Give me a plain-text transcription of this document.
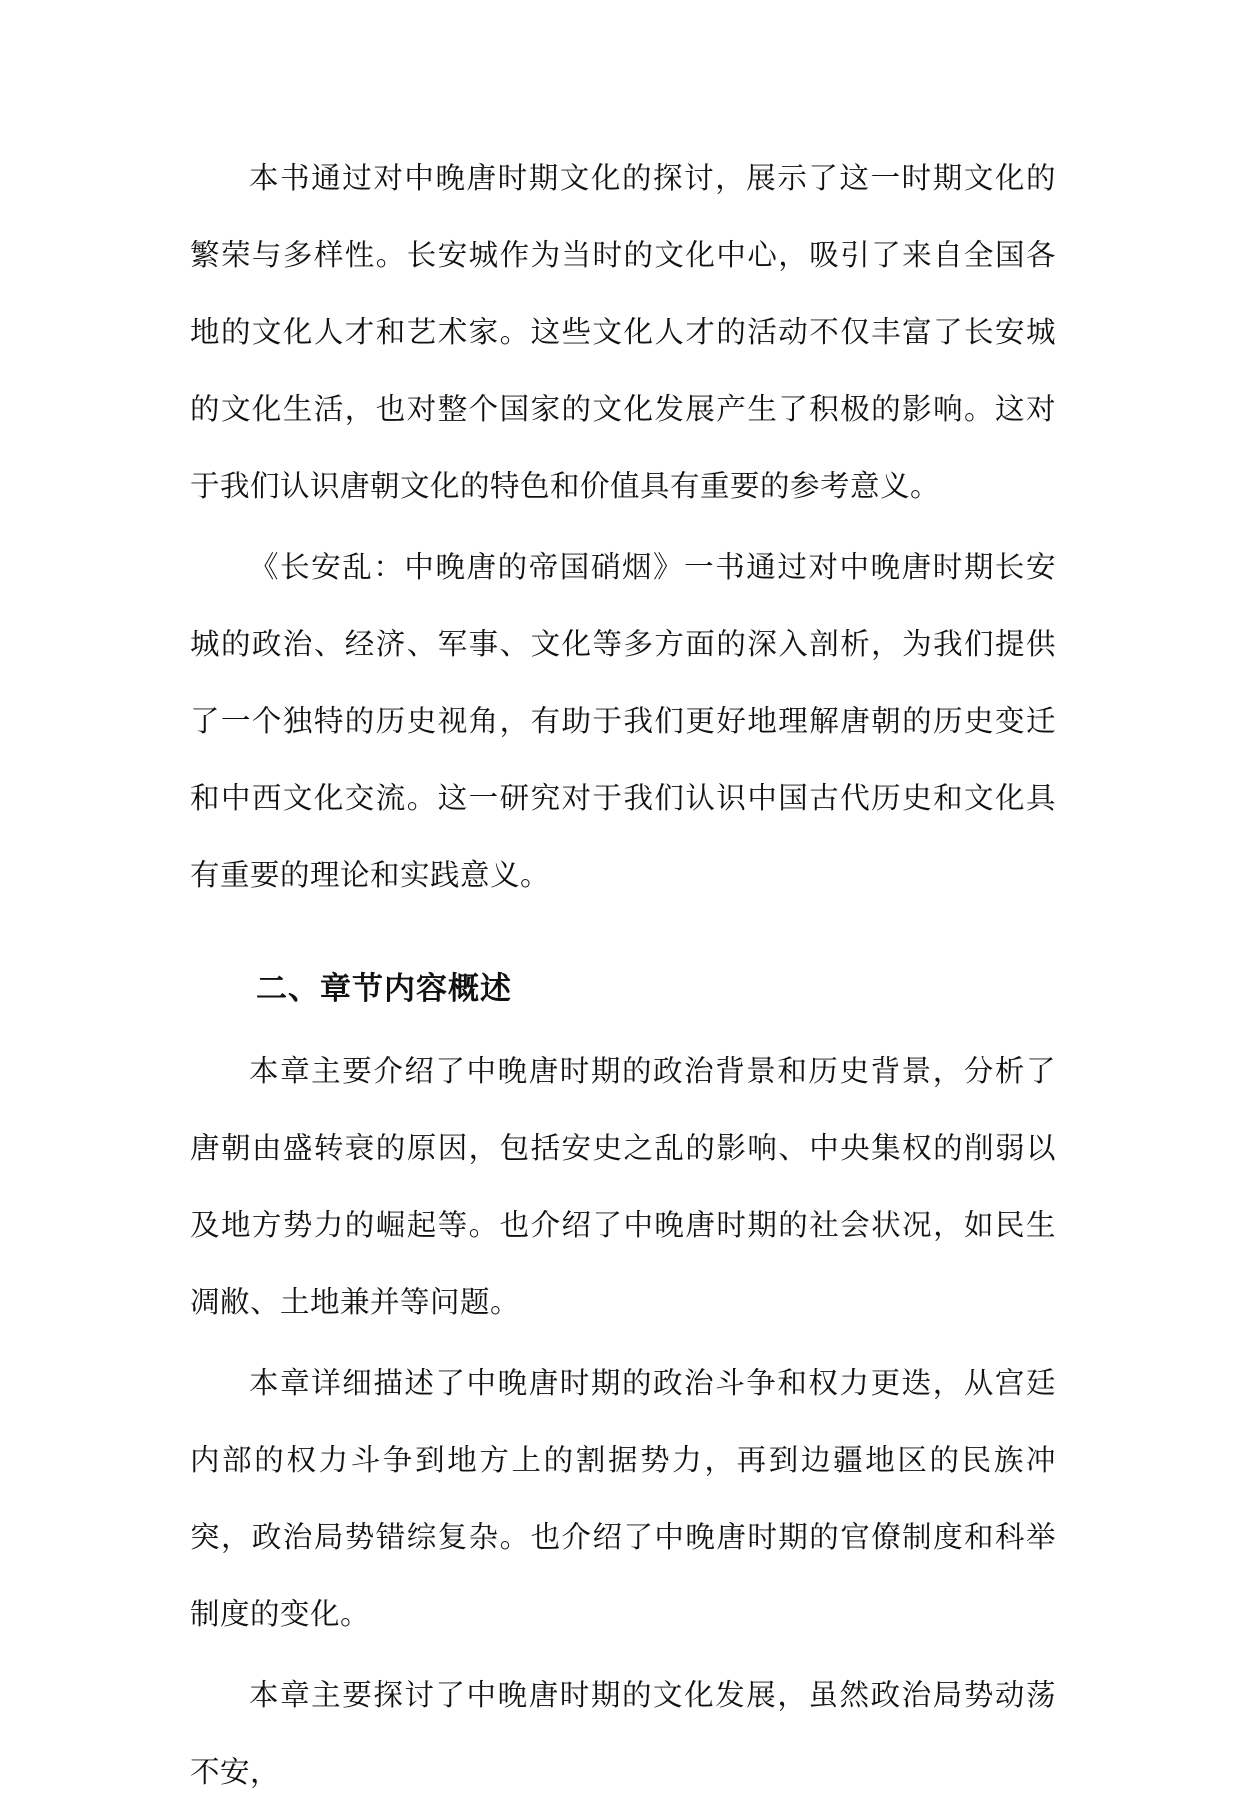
本书通过对中晚唐时期文化的探讨，展示了这一时期文化的繁荣与多样性。长安城作为当时的文化中心，吸引了来自全国各地的文化人才和艺术家。这些文化人才的活动不仅丰富了长安城的文化生活，也对整个国家的文化发展产生了积极的影响。这对于我们认识唐朝文化的特色和价值具有重要的参考意义。

《长安乱：中晚唐的帝国硝烟》一书通过对中晚唐时期长安城的政治、经济、军事、文化等多方面的深入剖析，为我们提供了一个独特的历史视角，有助于我们更好地理解唐朝的历史变迁和中西文化交流。这一研究对于我们认识中国古代历史和文化具有重要的理论和实践意义。

二、章节内容概述

本章主要介绍了中晚唐时期的政治背景和历史背景，分析了唐朝由盛转衰的原因，包括安史之乱的影响、中央集权的削弱以及地方势力的崛起等。也介绍了中晚唐时期的社会状况，如民生凋敝、土地兼并等问题。

本章详细描述了中晚唐时期的政治斗争和权力更迭，从宫廷内部的权力斗争到地方上的割据势力，再到边疆地区的民族冲突，政治局势错综复杂。也介绍了中晚唐时期的官僚制度和科举制度的变化。

本章主要探讨了中晚唐时期的文化发展，虽然政治局势动荡不安，
